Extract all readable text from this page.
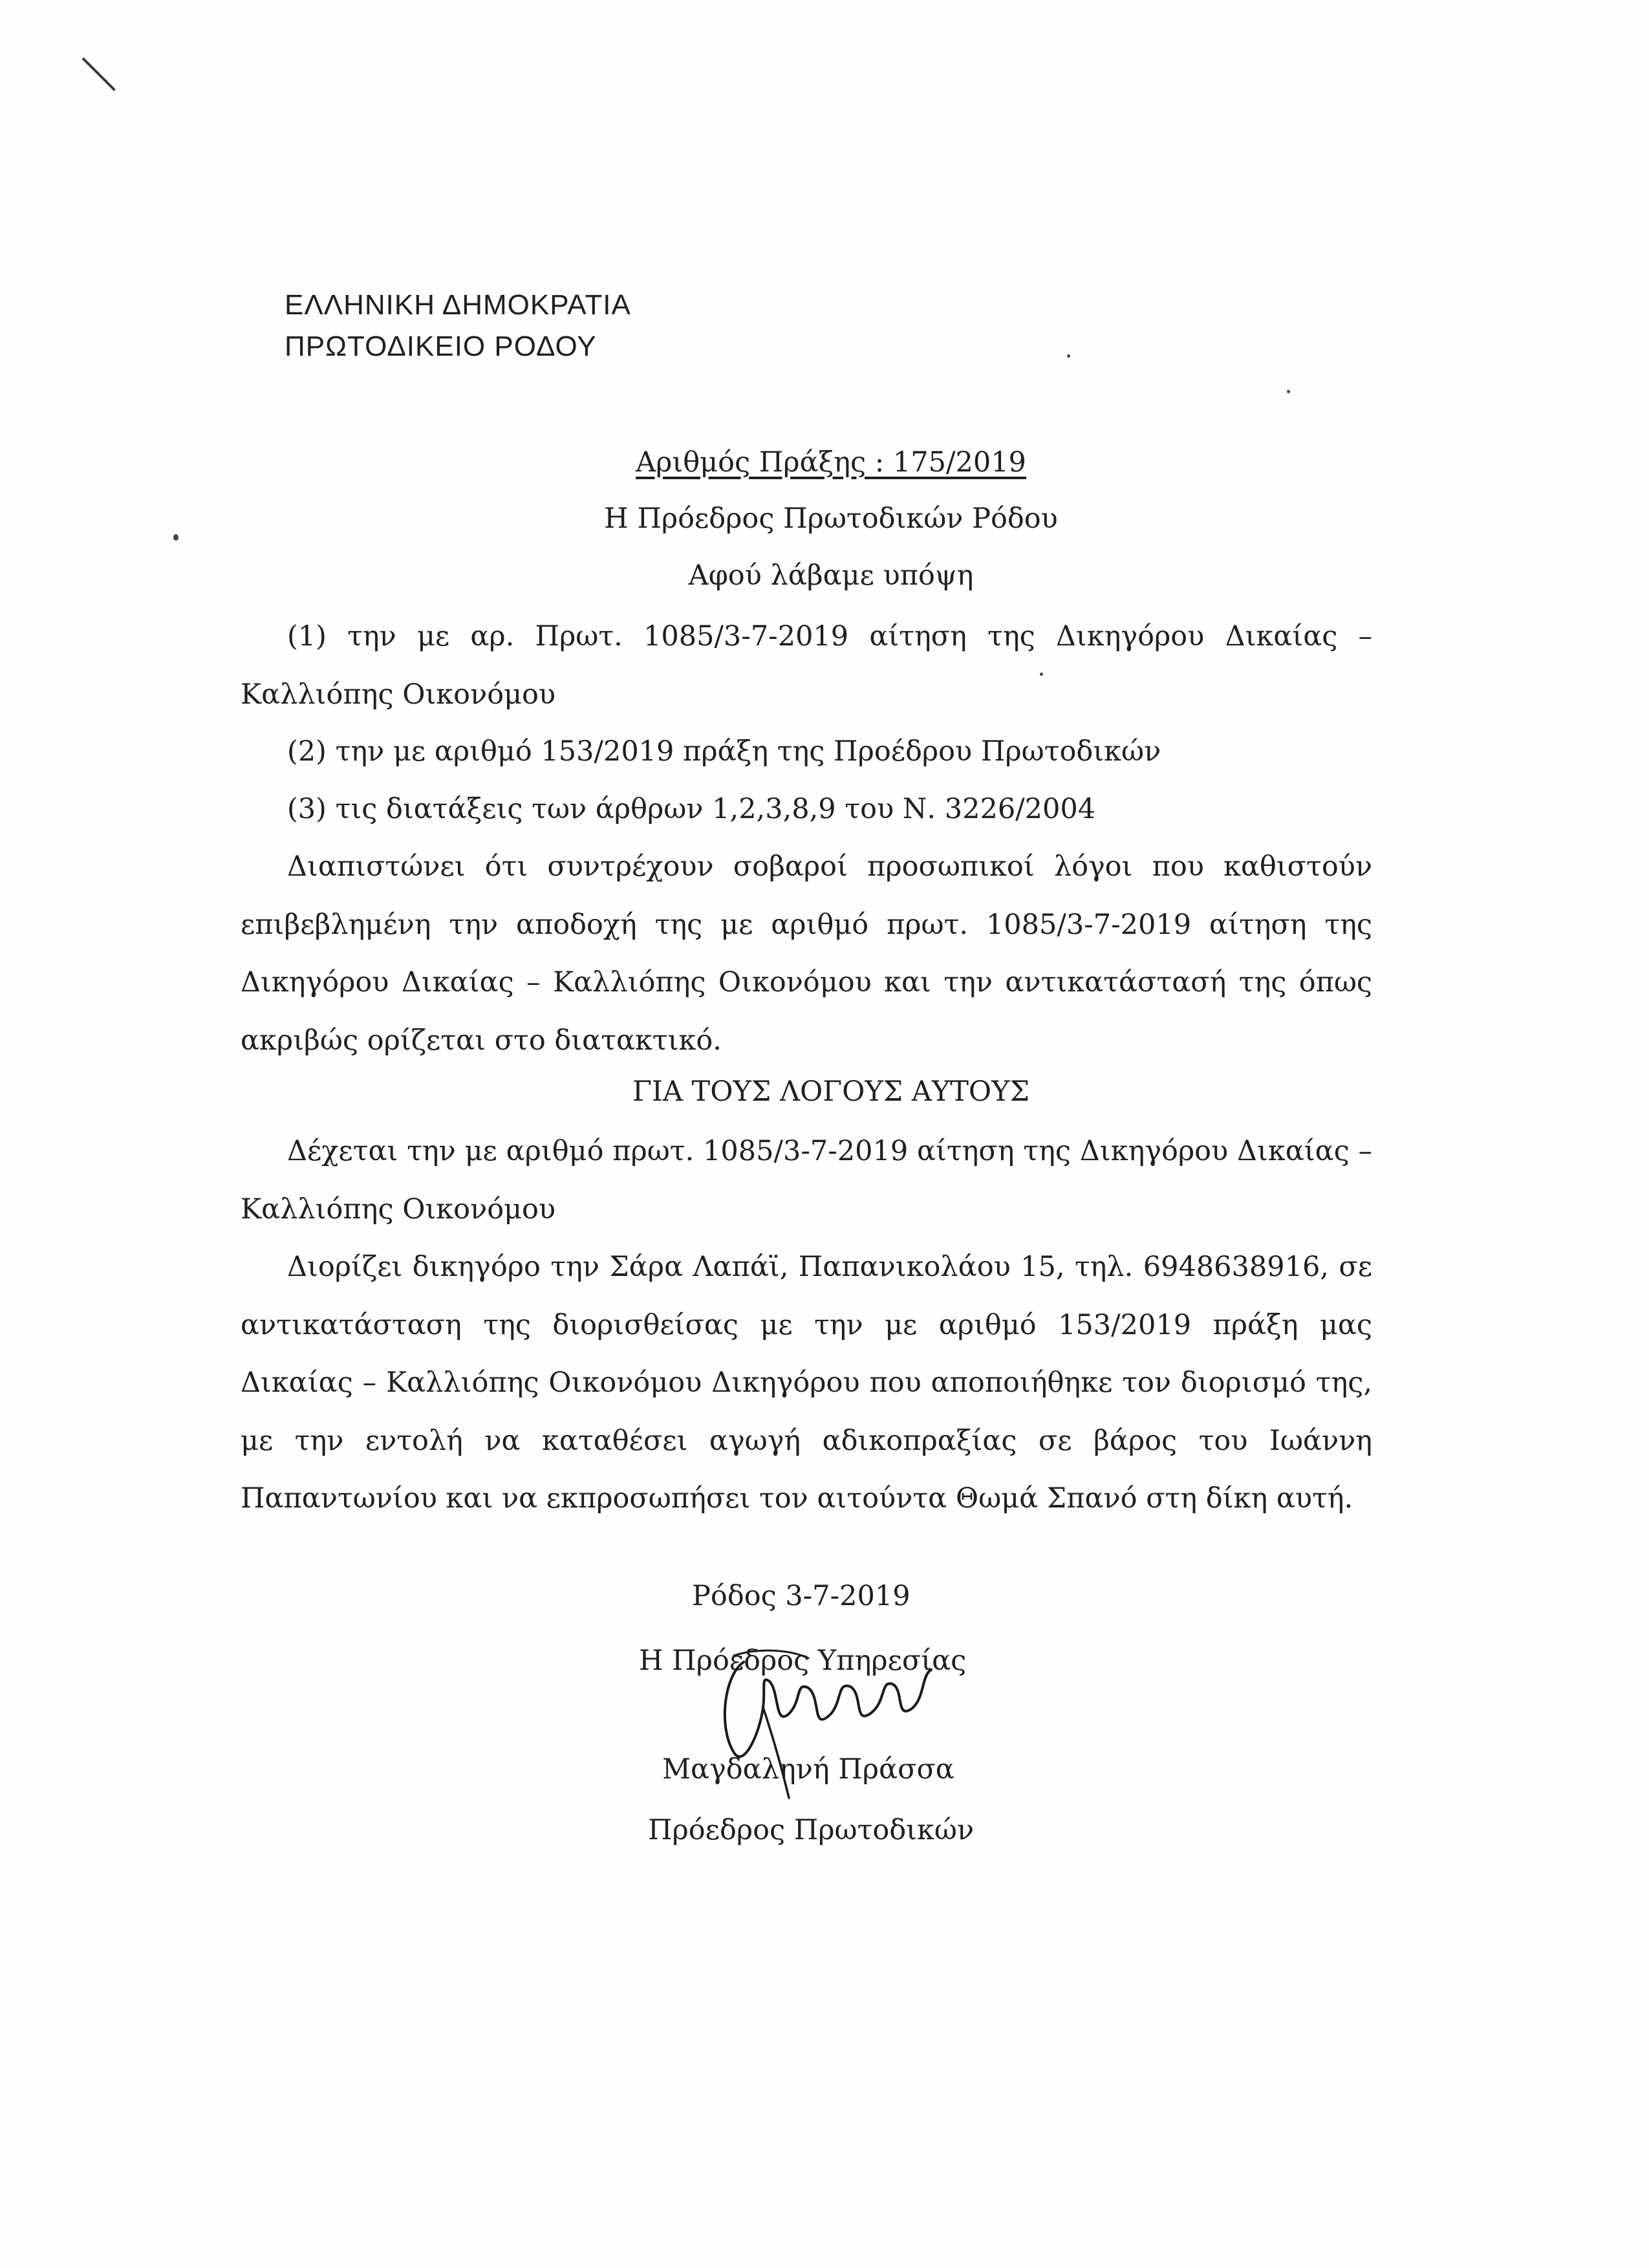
ΕΛΛΗΝΙΚΗ ΔΗΜΟΚΡΑΤΙΑ
ΠΡΩΤΟΔΙΚΕΙΟ ΡΟΔΟΥ
Αριθμός Πράξης : 175/2019
Η Πρόεδρος Πρωτοδικών Ρόδου
Αφού λάβαμε υπόψη
(1) την με αρ. Πρωτ. 1085/3-7-2019 αίτηση της Δικηγόρου Δικαίας – Καλλιόπης Οικονόμου
(2) την με αριθμό 153/2019 πράξη της Προέδρου Πρωτοδικών
(3) τις διατάξεις των άρθρων 1,2,3,8,9 του Ν. 3226/2004
Διαπιστώνει ότι συντρέχουν σοβαροί προσωπικοί λόγοι που καθιστούν επιβεβλημένη την αποδοχή της με αριθμό πρωτ. 1085/3-7-2019 αίτηση της Δικηγόρου Δικαίας – Καλλιόπης Οικονόμου και την αντικατάστασή της όπως ακριβώς ορίζεται στο διατακτικό.
ΓΙΑ ΤΟΥΣ ΛΟΓΟΥΣ ΑΥΤΟΥΣ
Δέχεται την με αριθμό πρωτ. 1085/3-7-2019 αίτηση της Δικηγόρου Δικαίας – Καλλιόπης Οικονόμου
Διορίζει δικηγόρο την Σάρα Λαπάϊ, Παπανικολάου 15, τηλ. 6948638916, σε αντικατάσταση της διορισθείσας με την με αριθμό 153/2019 πράξη μας Δικαίας – Καλλιόπης Οικονόμου Δικηγόρου που αποποιήθηκε τον διορισμό της, με την εντολή να καταθέσει αγωγή αδικοπραξίας σε βάρος του Ιωάννη Παπαντωνίου και να εκπροσωπήσει τον αιτούντα Θωμά Σπανό στη δίκη αυτή.
Ρόδος 3-7-2019
Η Πρόεδρος Υπηρεσίας
Μαγδαληνή Πράσσα
Πρόεδρος Πρωτοδικών
